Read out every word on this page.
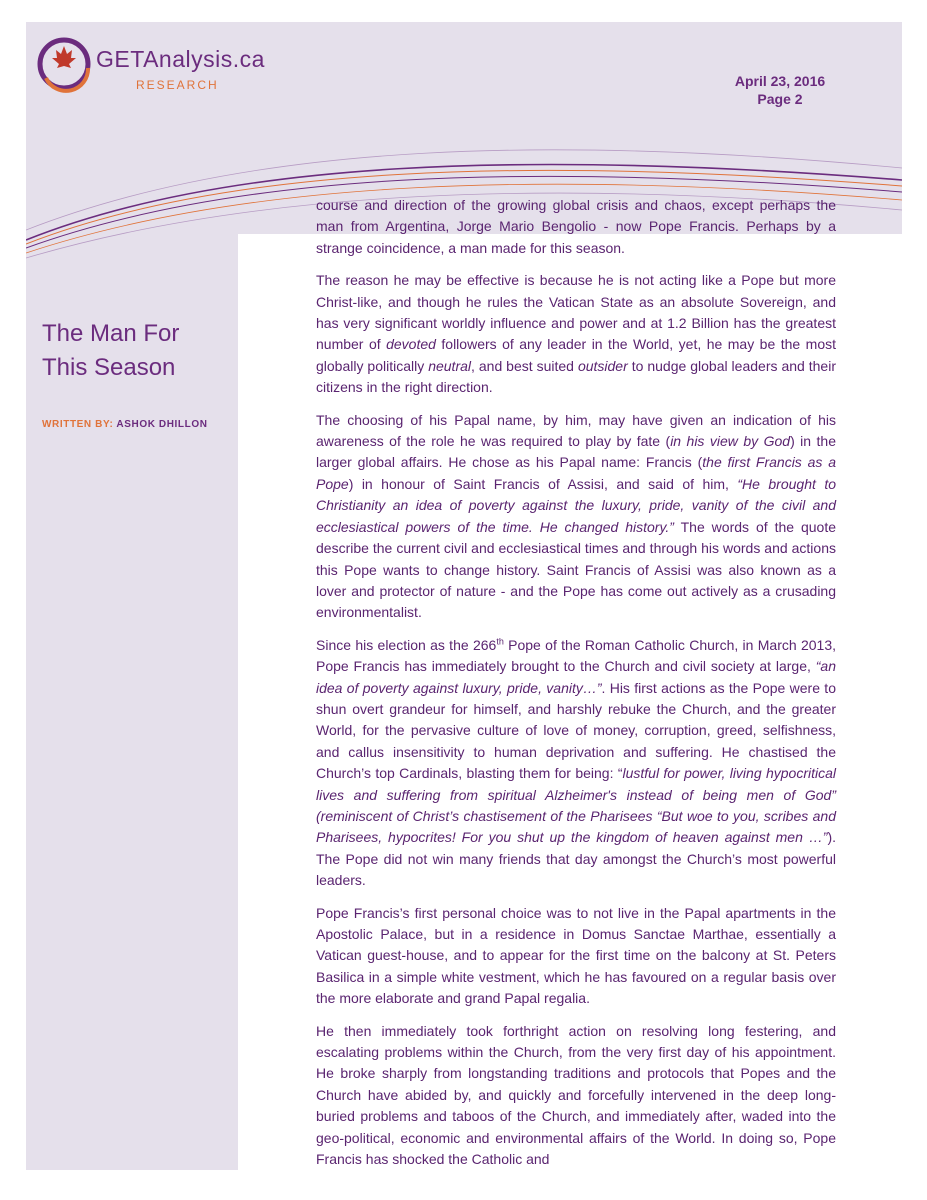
GETAnalysis.ca
RESEARCH	April 23, 2016
Page 2
The Man For
This Season
WRITTEN BY: ASHOK DHILLON

course and direction of the growing global crisis and chaos, except perhaps the man from Argentina, Jorge Mario Bengolio - now Pope Francis. Perhaps by a strange coincidence, a man made for this season.

The reason he may be effective is because he is not acting like a Pope but more Christ-like, and though he rules the Vatican State as an absolute Sovereign, and has very significant worldly influence and power and at 1.2 Billion has the greatest number of devoted followers of any leader in the World, yet, he may be the most globally politically neutral, and best suited outsider to nudge global leaders and their citizens in the right direction.

The choosing of his Papal name, by him, may have given an indication of his awareness of the role he was required to play by fate (in his view by God) in the larger global affairs. He chose as his Papal name: Francis (the first Francis as a Pope) in honour of Saint Francis of Assisi, and said of him, “He brought to Christianity an idea of poverty against the luxury, pride, vanity of the civil and ecclesiastical powers of the time. He changed history.” The words of the quote describe the current civil and ecclesiastical times and through his words and actions this Pope wants to change history. Saint Francis of Assisi was also known as a lover and protector of nature - and the Pope has come out actively as a crusading environmentalist.

Since his election as the 266th Pope of the Roman Catholic Church, in March 2013, Pope Francis has immediately brought to the Church and civil society at large, “an idea of poverty against luxury, pride, vanity…”. His first actions as the Pope were to shun overt grandeur for himself, and harshly rebuke the Church, and the greater World, for the pervasive culture of love of money, corruption, greed, selfishness, and callus insensitivity to human deprivation and suffering. He chastised the Church’s top Cardinals, blasting them for being: “lustful for power, living hypocritical lives and suffering from spiritual Alzheimer's instead of being men of God” (reminiscent of Christ’s chastisement of the Pharisees “But woe to you, scribes and Pharisees, hypocrites! For you shut up the kingdom of heaven against men …”). The Pope did not win many friends that day amongst the Church’s most powerful leaders.

Pope Francis’s first personal choice was to not live in the Papal apartments in the Apostolic Palace, but in a residence in Domus Sanctae Marthae, essentially a Vatican guest-house, and to appear for the first time on the balcony at St. Peters Basilica in a simple white vestment, which he has favoured on a regular basis over the more elaborate and grand Papal regalia.

He then immediately took forthright action on resolving long festering, and escalating problems within the Church, from the very first day of his appointment. He broke sharply from longstanding traditions and protocols that Popes and the Church have abided by, and quickly and forcefully intervened in the deep long-buried problems and taboos of the Church, and immediately after, waded into the geo-political, economic and environmental affairs of the World. In doing so, Pope Francis has shocked the Catholic and
